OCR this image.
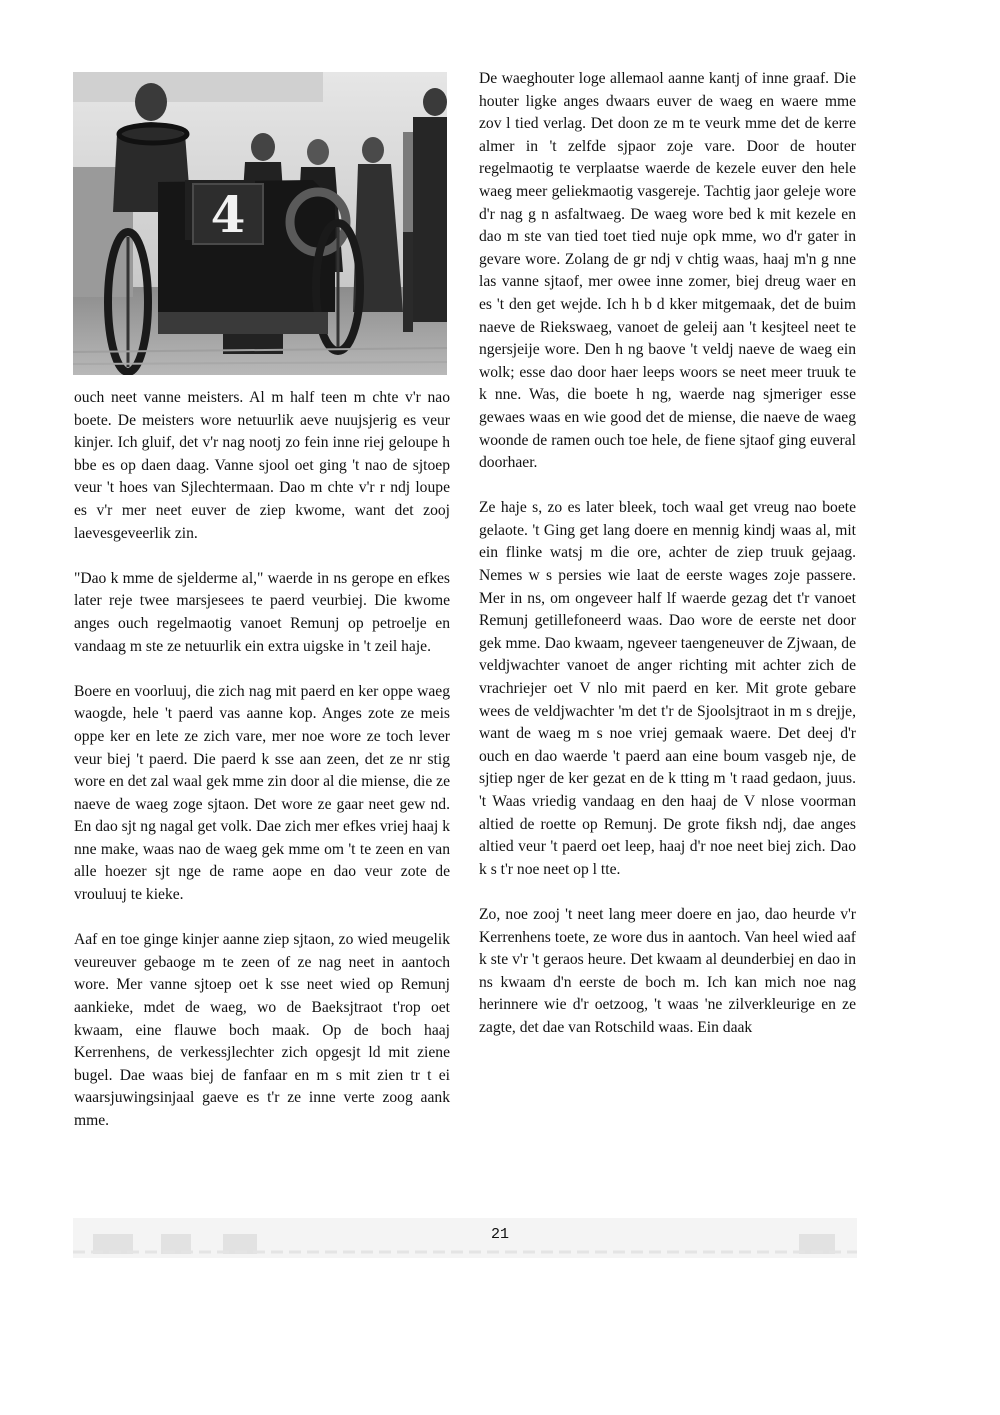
4

ouch neet vanne meisters. Al m half teen m chte v'r nao boete. De meisters wore netuurlik aeve nuujsjerig es veur kinjer. Ich gluif, det v'r nag nootj zo fein inne riej geloupe h bbe es op daen daag. Vanne sjool oet ging 't nao de sjtoep veur 't hoes van Sjlechtermaan. Dao m chte v'r r ndj loupe es v'r mer neet euver de ziep kwome, want det zooj laevesgeveerlik zin.

"Dao k mme de sjelderme al," waerde in ns gerope en efkes later reje twee marsjesees te paerd veurbiej. Die kwome anges ouch regelmaotig vanoet Remunj op petroelje en vandaag m ste ze netuurlik ein extra uigske in 't zeil haje.

Boere en voorluuj, die zich nag mit paerd en ker oppe waeg waogde, hele 't paerd vas aanne kop. Anges zote ze meis oppe ker en lete ze zich vare, mer noe wore ze toch lever veur biej 't paerd. Die paerd k sse aan zeen, det ze nr stig wore en det zal waal gek mme zin door al die miense, die ze naeve de waeg zoge sjtaon. Det wore ze gaar neet gew nd. En dao sjt ng nagal get volk. Dae zich mer efkes vriej haaj k nne make, waas nao de waeg gek mme om 't te zeen en van alle hoezer sjt nge de rame aope en dao veur zote de vrouluuj te kieke.

Aaf en toe ginge kinjer aanne ziep sjtaon, zo wied meugelik veureuver gebaoge m te zeen of ze nag neet in aantoch wore. Mer vanne sjtoep oet k sse neet wied op Remunj aankieke, mdet de waeg, wo de Baeksjtraot t'rop oet kwaam, eine flauwe boch maak. Op de boch haaj Kerrenhens, de verkessjlechter zich opgesjt ld mit ziene bugel. Dae waas biej de fanfaar en m s mit zien tr t ei waarsjuwingsinjaal gaeve es t'r ze inne verte zoog aank mme.

De waeghouter loge allemaol aanne kantj of inne graaf. Die houter ligke anges dwaars euver de waeg en waere mme zov l tied verlag. Det doon ze m te veurk mme det de kerre almer in 't zelfde sjpaor zoje vare. Door de houter regelmaotig te verplaatse waerde de kezele euver den hele waeg meer geliekmaotig vasgereje. Tachtig jaor geleje wore d'r nag g n asfaltwaeg. De waeg wore bed k mit kezele en dao m ste van tied toet tied nuje opk mme, wo d'r gater in gevare wore. Zolang de gr ndj v chtig waas, haaj m'n g nne las vanne sjtaof, mer owee inne zomer, biej dreug waer en es 't den get wejde. Ich h b d kker mitgemaak, det de buim naeve de Riekswaeg, vanoet de geleij aan 't kesjteel neet te ngersjeije wore. Den h ng baove 't veldj naeve de waeg ein wolk; esse dao door haer leeps woors se neet meer truuk te k nne. Was, die boete h ng, waerde nag sjmeriger esse gewaes waas en wie good det de miense, die naeve de waeg woonde de ramen ouch toe hele, de fiene sjtaof ging euveral doorhaer.

Ze haje s, zo es later bleek, toch waal get vreug nao boete gelaote. 't Ging get lang doere en mennig kindj waas al, mit ein flinke watsj m die ore, achter de ziep truuk gejaag. Nemes w s persies wie laat de eerste wages zoje passere. Mer in ns, om ongeveer half lf waerde gezag det t'r vanoet Remunj getillefoneerd waas. Dao wore de eerste net door gek mme. Dao kwaam, ngeveer taengeneuver de Zjwaan, de veldjwachter vanoet de anger richting mit achter zich de vrachriejer oet V nlo mit paerd en ker. Mit grote gebare wees de veldjwachter 'm det t'r de Sjoolsjtraot in m s drejje, want de waeg m s noe vriej gemaak waere. Det deej d'r ouch en dao waerde 't paerd aan eine boum vasgeb nje, de sjtiep nger de ker gezat en de k tting m 't raad gedaon, juus. 't Waas vriedig vandaag en den haaj de V nlose voorman altied de roette op Remunj. De grote fiksh ndj, dae anges altied veur 't paerd oet leep, haaj d'r noe neet biej zich. Dao k s t'r noe neet op l tte.

Zo, noe zooj 't neet lang meer doere en jao, dao heurde v'r Kerrenhens toete, ze wore dus in aantoch. Van heel wied aaf k ste v'r 't geraos heure. Det kwaam al deunderbiej en dao in ns kwaam d'n eerste de boch m. Ich kan mich noe nag herinnere wie d'r oetzoog, 't waas 'ne zilverkleurige en ze zagte, det dae van Rotschild waas. Ein daak

21
